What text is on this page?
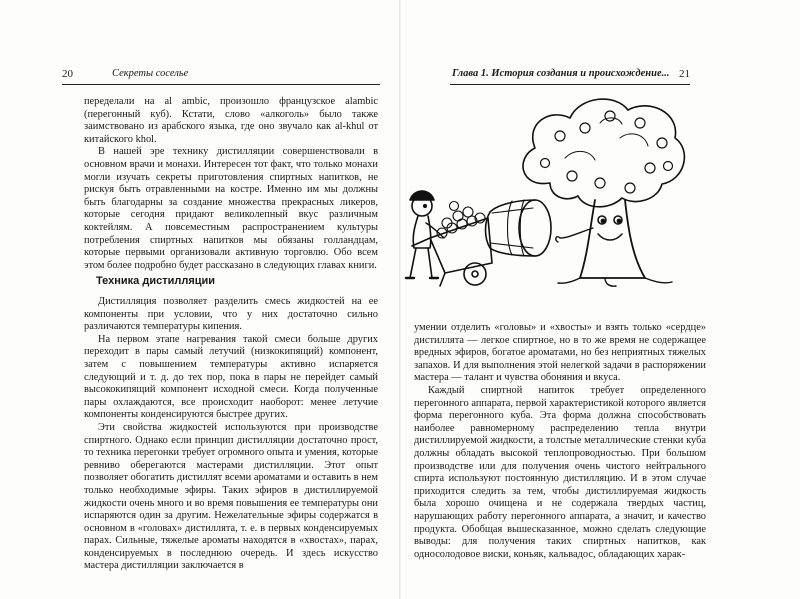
20	Секреты соселье	Глава 1. История создания и происхождение... 21

переделали на al ambic, произошло французское alambic (перегонный куб). Кстати, слово «алкоголь» было также заимствовано из арабского языка, где оно звучало как al-khul от китайского khol.

В нашей эре технику дистилляции совершенствовали в основном врачи и монахи. Интересен тот факт, что только монахи могли изучать секреты приготовления спиртных напитков, не рискуя быть отравленными на костре. Именно им мы должны быть благодарны за создание множества прекрасных ликеров, которые сегодня придают великолепный вкус различным коктейлям. А повсеместным распространением культуры потребления спиртных напитков мы обязаны голландцам, которые первыми организовали активную торговлю. Обо всем этом более подробно будет рассказано в следующих главах книги.

Техника дистилляции

Дистилляция позволяет разделить смесь жидкостей на ее компоненты при условии, что у них достаточно сильно различаются температуры кипения.

На первом этапе нагревания такой смеси больше других переходит в пары самый летучий (низкокипящий) компонент, затем с повышением температуры активно испаряется следующий и т. д. до тех пор, пока в пары не перейдет самый высококипящий компонент исходной смеси. Когда полученные пары охлаждаются, все происходит наоборот: менее летучие компоненты конденсируются быстрее других.

Эти свойства жидкостей используются при производстве спиртного. Однако если принцип дистилляции достаточно прост, то техника перегонки требует огромного опыта и умения, которые ревниво оберегаются мастерами дистилляции. Этот опыт позволяет обогатить дистиллят всеми ароматами и оставить в нем только необходимые эфиры. Таких эфиров в дистиллируемой жидкости очень много и во время повышения ее температуры они испаряются один за другим. Нежелательные эфиры содержатся в основном в «головах» дистиллята, т. е. в первых конденсируемых парах. Сильные, тяжелые ароматы находятся в «хвостах», парах, конденсируемых в последнюю очередь. И здесь искусство мастера дистилляции заключается в

умении отделить «головы» и «хвосты» и взять только «сердце» дистиллята — легкое спиртное, но в то же время не содержащее вредных эфиров, богатое ароматами, но без неприятных тяжелых запахов. И для выполнения этой нелегкой задачи в распоряжении мастера — талант и чувства обоняния и вкуса.

Каждый спиртной напиток требует определенного перегонного аппарата, первой характеристикой которого является форма перегонного куба. Эта форма должна способствовать наиболее равномерному распределению тепла внутри дистиллируемой жидкости, а толстые металлические стенки куба должны обладать высокой теплопроводностью. При большом производстве или для получения очень чистого нейтрального спирта используют постоянную дистилляцию. И в этом случае приходится следить за тем, чтобы дистиллируемая жидкость была хорошо очищена и не содержала твердых частиц, нарушающих работу перегонного аппарата, а значит, и качество продукта. Обобщая вышесказанное, можно сделать следующие выводы: для получения таких спиртных напитков, как односолодовое виски, коньяк, кальвадос, обладающих харак-
